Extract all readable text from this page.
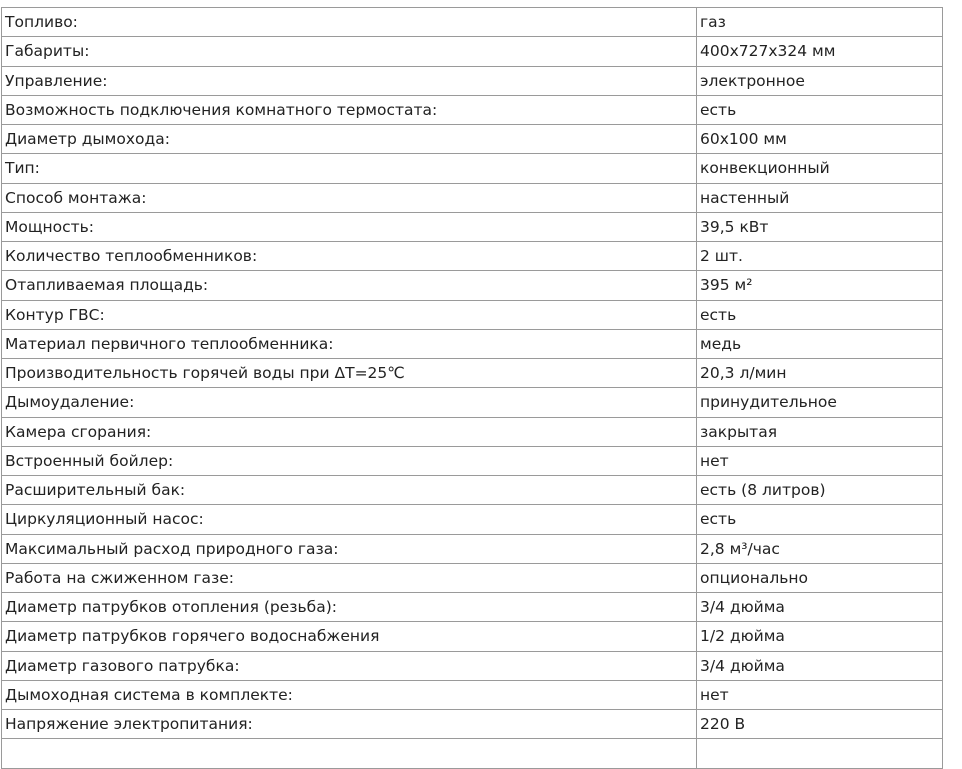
Топливо:	газ
Габариты:	400x727x324 мм
Управление:	электронное
Возможность подключения комнатного термостата:	есть
Диаметр дымохода:	60x100 мм
Тип:	конвекционный
Способ монтажа:	настенный
Мощность:	39,5 кВт
Количество теплообменников:	2 шт.
Отапливаемая площадь:	395 м²
Контур ГВС:	есть
Материал первичного теплообменника:	медь
Производительность горячей воды при ΔT=25℃	20,3 л/мин
Дымоудаление:	принудительное
Камера сгорания:	закрытая
Встроенный бойлер:	нет
Расширительный бак:	есть (8 литров)
Циркуляционный насос:	есть
Максимальный расход природного газа:	2,8 м³/час
Работа на сжиженном газе:	опционально
Диаметр патрубков отопления (резьба):	3/4 дюйма
Диаметр патрубков горячего водоснабжения	1/2 дюйма
Диаметр газового патрубка:	3/4 дюйма
Дымоходная система в комплекте:	нет
Напряжение электропитания:	220 В
